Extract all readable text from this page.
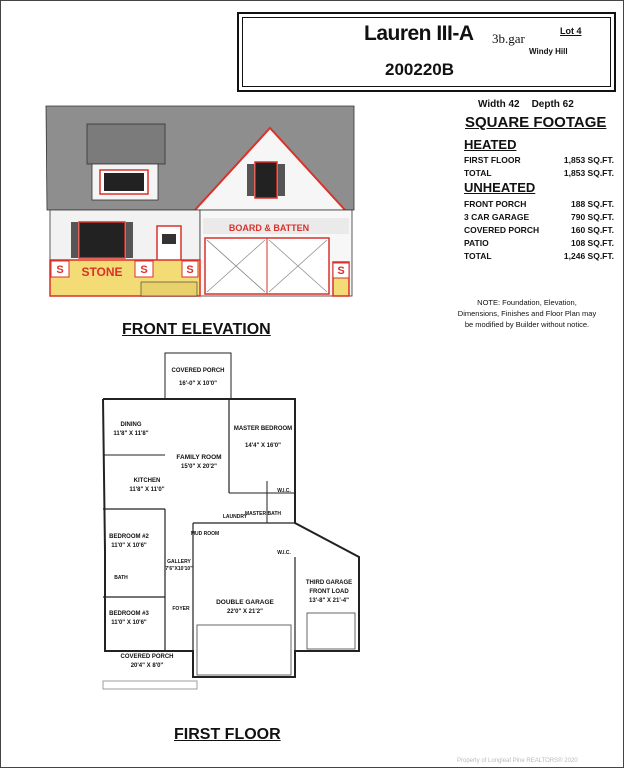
Lauren III-A 3b.gar	Lot 4
Windy Hill
200220B
Width 42 Depth 62
SQUARE FOOTAGE
HEATED
FIRST FLOOR	1,853 SQ.FT.
TOTAL	1,853 SQ.FT.
UNHEATED
FRONT PORCH	188 SQ.FT.
3 CAR GARAGE	790 SQ.FT.
COVERED PORCH	160 SQ.FT.
PATIO	108 SQ.FT.
TOTAL	1,246 SQ.FT.
NOTE: Foundation, Elevation, Dimensions, Finishes and Floor Plan may be modified by Builder without notice.
BOARD & BATTEN
S	S	S	S
STONE
FRONT ELEVATION
COVERED PORCH
16'-0" X 10'0"
DINING
11'8" X 11'8"
FAMILY ROOM
15'0" X 20'2"
MASTER BEDROOM
14'4" X 16'0"
KITCHEN
11'8" X 11'0"	W.I.C.
LAUNDRY
MASTER BATH
MUD ROOM
W.I.C.
BEDROOM #2
11'0" X 10'6"
GALLERY
7'6"X10'10"
BATH
BEDROOM #3
11'0" X 10'6"
FOYER
DOUBLE GARAGE
22'0" X 21'2"
THIRD GARAGE
FRONT LOAD
13'-8" X 21'-4"
COVERED PORCH
20'4" X 8'0"
FIRST FLOOR
Property of Longleaf Pine REALTORS® 2020
